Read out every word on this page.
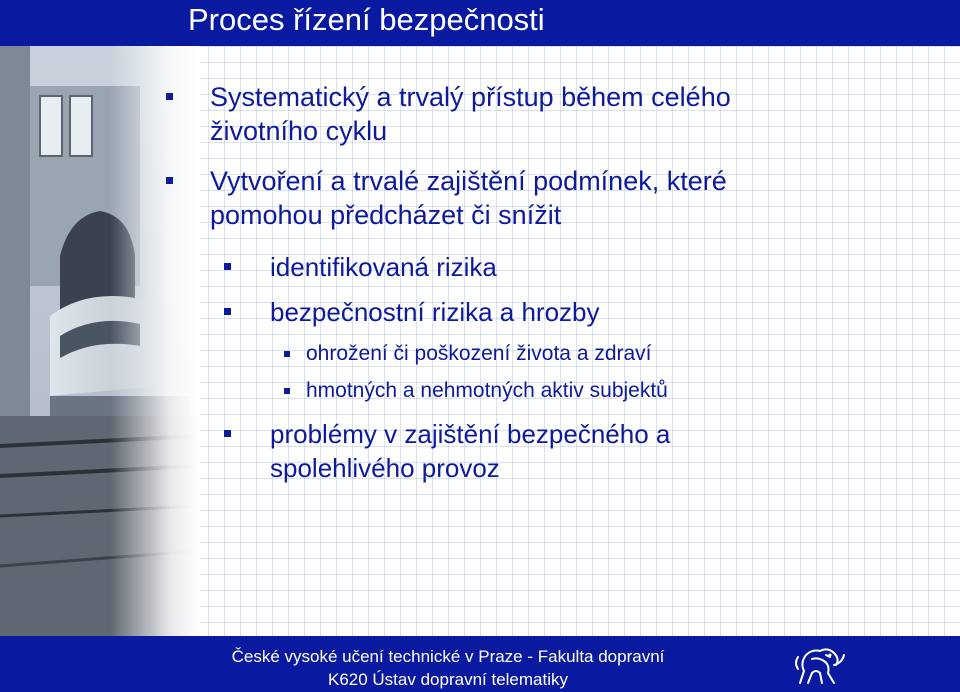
Proces řízení bezpečnosti
Systematický a trvalý přístup během celého
životního cyklu
Vytvoření a trvalé zajištění podmínek, které
pomohou předcházet či snížit
identifikovaná rizika
bezpečnostní rizika a hrozby
ohrožení či poškození života a zdraví
hmotných a nehmotných aktiv subjektů
problémy v zajištění bezpečného a
spolehlivého provoz
České vysoké učení technické v Praze - Fakulta dopravní
K620 Ústav dopravní telematiky
